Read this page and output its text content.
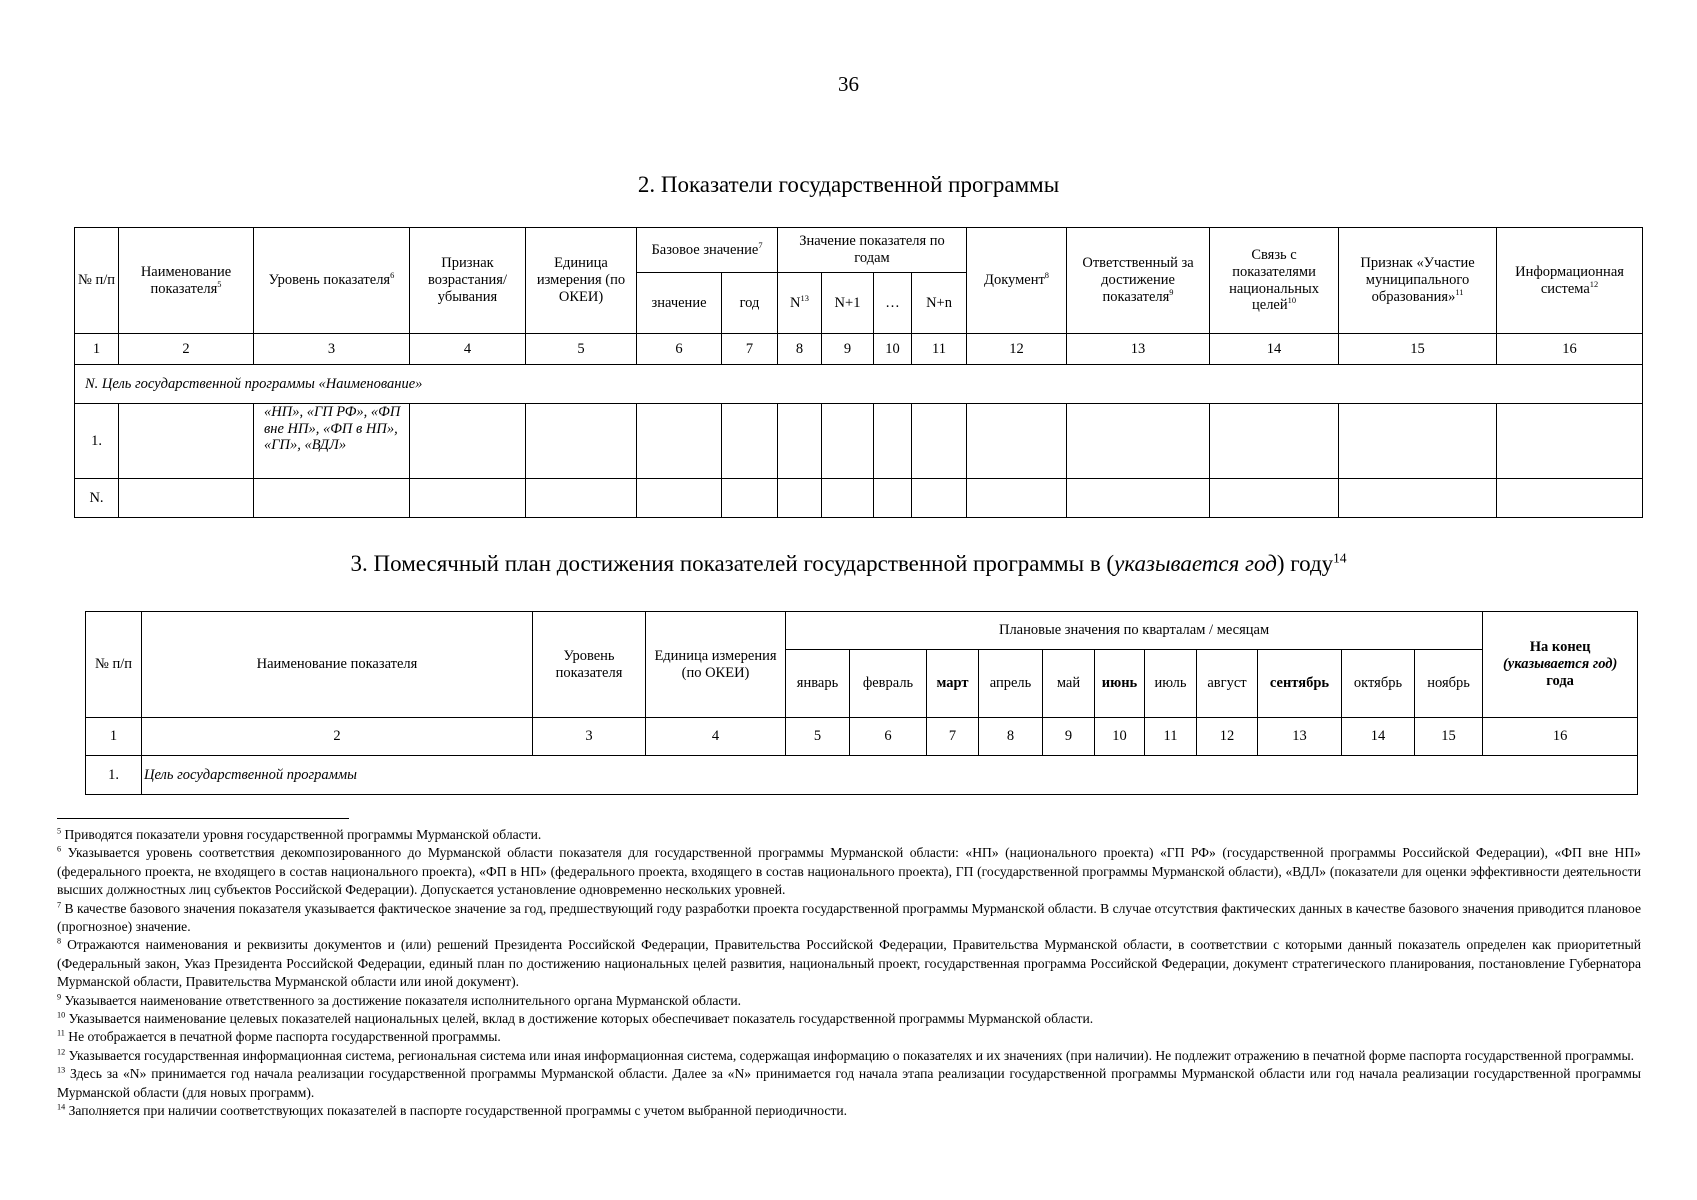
36
2. Показатели государственной программы
№ п/п	Наименование показателя$^5$	Уровень показателя$^6$	Признак возрастания/ убывания	Единица измерения (по ОКЕИ)	Базовое значение$^7$		Значение показателя по годам				Документ$^8$	Ответственный за достижение показателя$^9$	Связь с показателями национальных целей$^{10}$	Признак «Участие муниципального образования»$^{11}$	Информационная система$^{12}$
					значение	год	$N^{13}$	N+1	…	N+n					
1	2	3	4	5	6	7	8	9	10	11	12	13	14	15	16
N. Цель государственной программы «Наименование»															
1.		«НП», «ГП РФ», «ФП вне НП», «ФП в НП», «ГП», «ВДЛ»													
N.															
3. Помесячный план достижения показателей государственной программы в (указывается год) году$^{14}$
№ п/п	Наименование показателя	Уровень показателя	Единица измерения (по ОКЕИ)	Плановые значения по кварталам / месяцам											На конец
(указывается год)
года
				январь	февраль	март	апрель	май	июнь	июль	август	сентябрь	октябрь	ноябрь	
1	2	3	4	5	6	7	8	9	10	11	12	13	14	15	16
1.	Цель государственной программы														

$^5$ Приводятся показатели уровня государственной программы Мурманской области.

$^6$ Указывается уровень соответствия декомпозированного до Мурманской области показателя для государственной программы Мурманской области: «НП» (национального проекта) «ГП РФ» (государственной программы Российской Федерации), «ФП вне НП» (федерального проекта, не входящего в состав национального проекта), «ФП в НП» (федерального проекта, входящего в состав национального проекта), ГП (государственной программы Мурманской области), «ВДЛ» (показатели для оценки эффективности деятельности высших должностных лиц субъектов Российской Федерации). Допускается установление одновременно нескольких уровней.

$^7$ В качестве базового значения показателя указывается фактическое значение за год, предшествующий году разработки проекта государственной программы Мурманской области. В случае отсутствия фактических данных в качестве базового значения приводится плановое (прогнозное) значение.

$^8$ Отражаются наименования и реквизиты документов и (или) решений Президента Российской Федерации, Правительства Российской Федерации, Правительства Мурманской области, в соответствии с которыми данный показатель определен как приоритетный (Федеральный закон, Указ Президента Российской Федерации, единый план по достижению национальных целей развития, национальный проект, государственная программа Российской Федерации, документ стратегического планирования, постановление Губернатора Мурманской области, Правительства Мурманской области или иной документ).

$^9$ Указывается наименование ответственного за достижение показателя исполнительного органа Мурманской области.

$^{10}$ Указывается наименование целевых показателей национальных целей, вклад в достижение которых обеспечивает показатель государственной программы Мурманской области.

$^{11}$ Не отображается в печатной форме паспорта государственной программы.

$^{12}$ Указывается государственная информационная система, региональная система или иная информационная система, содержащая информацию о показателях и их значениях (при наличии). Не подлежит отражению в печатной форме паспорта государственной программы.

$^{13}$ Здесь за «N» принимается год начала реализации государственной программы Мурманской области. Далее за «N» принимается год начала этапа реализации государственной программы Мурманской области или год начала реализации государственной программы Мурманской области (для новых программ).

$^{14}$ Заполняется при наличии соответствующих показателей в паспорте государственной программы с учетом выбранной периодичности.
